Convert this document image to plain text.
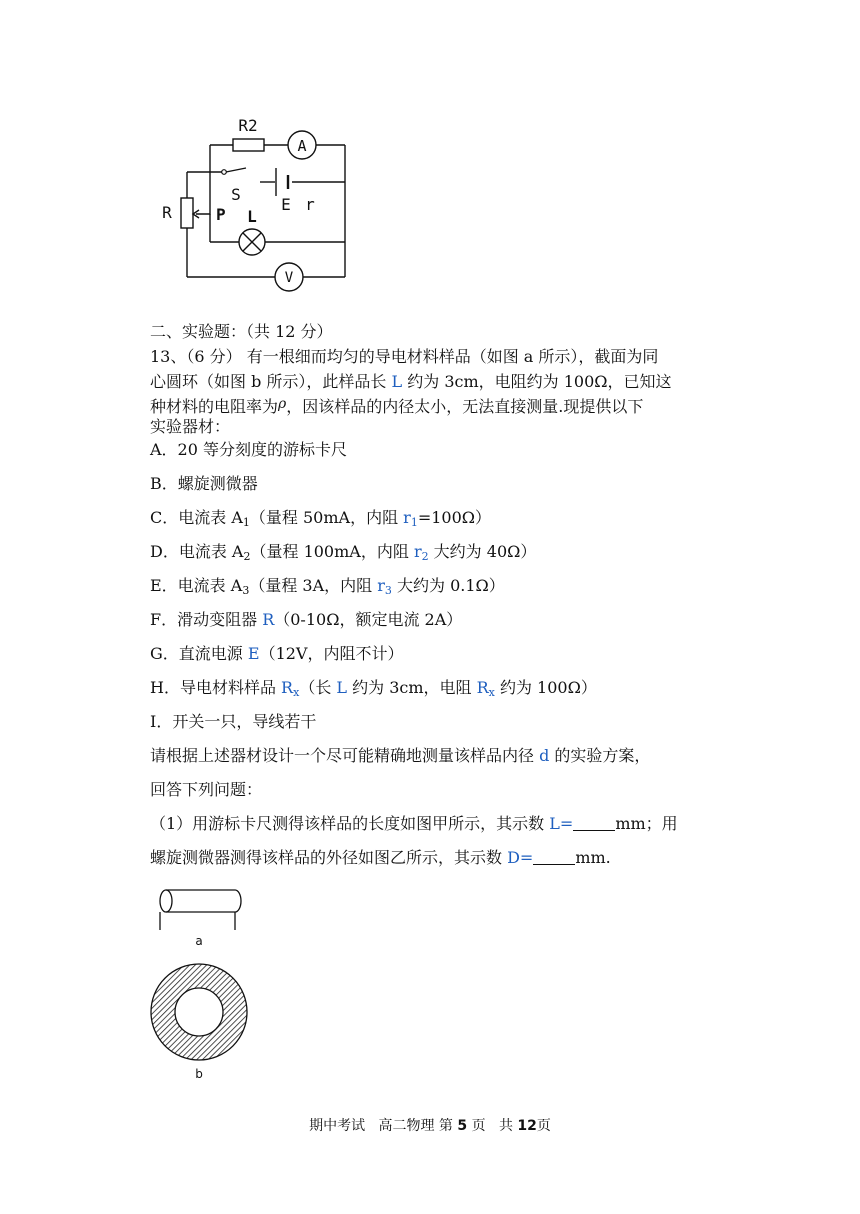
R2
A
S
E r
R	P L
V
二、实验题：（共 12 分）
13、（6 分） 有一根细而均匀的导电材料样品（如图 a 所示），截面为同
心圆环（如图 b 所示），此样品长 L 约为 3cm，电阻约为 100Ω，已知这
种材料的电阻率为ρ，因该样品的内径太小，无法直接测量.现提供以下
实验器材：
A．20 等分刻度的游标卡尺
B．螺旋测微器
C．电流表 $A_1$（量程 50mA，内阻 $r_1=100\Omega$）
D．电流表 $A_2$（量程 100mA，内阻 $r_2$ 大约为 40Ω）
E．电流表 $A_3$（量程 3A，内阻 $r_3$ 大约为 0.1Ω）
F．滑动变阻器 R（0-10Ω，额定电流 2A）
G．直流电源 E（12V，内阻不计）
H．导电材料样品 $R_x$（长 L 约为 3cm，电阻 $R_x$ 约为 100Ω）
I．开关一只，导线若干
请根据上述器材设计一个尽可能精确地测量该样品内径 d 的实验方案，
回答下列问题：
（1）用游标卡尺测得该样品的长度如图甲所示，其示数 L=	mm；用
螺旋测微器测得该样品的外径如图乙所示，其示数 D=	mm.
a
b
期中考试 高二物理 第 5 页 共 12页
